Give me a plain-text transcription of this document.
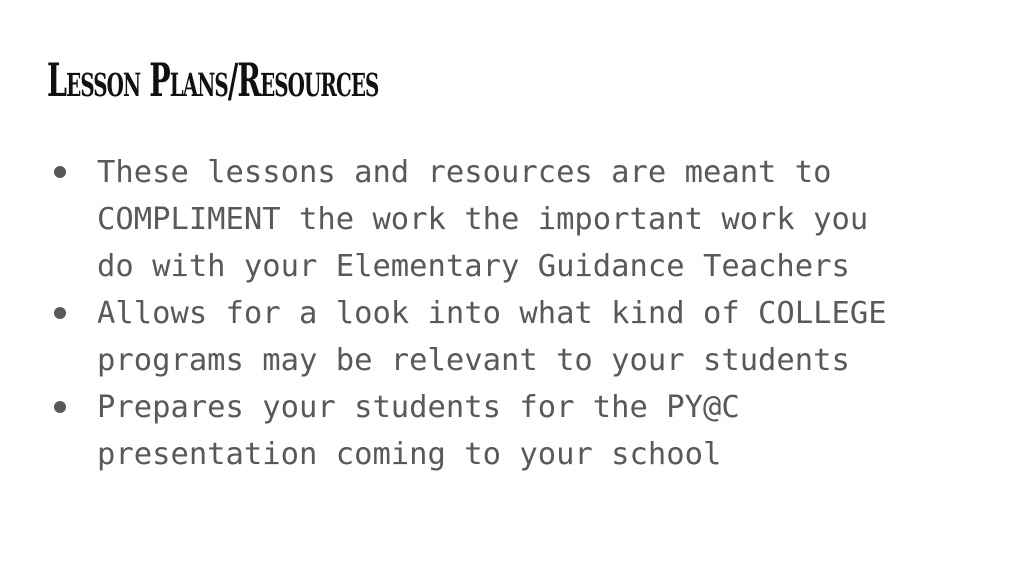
Lesson Plans/Resources
These lessons and resources are meant to
COMPLIMENT the work the important work you
do with your Elementary Guidance Teachers
Allows for a look into what kind of COLLEGE
programs may be relevant to your students
Prepares your students for the PY@C
presentation coming to your school
